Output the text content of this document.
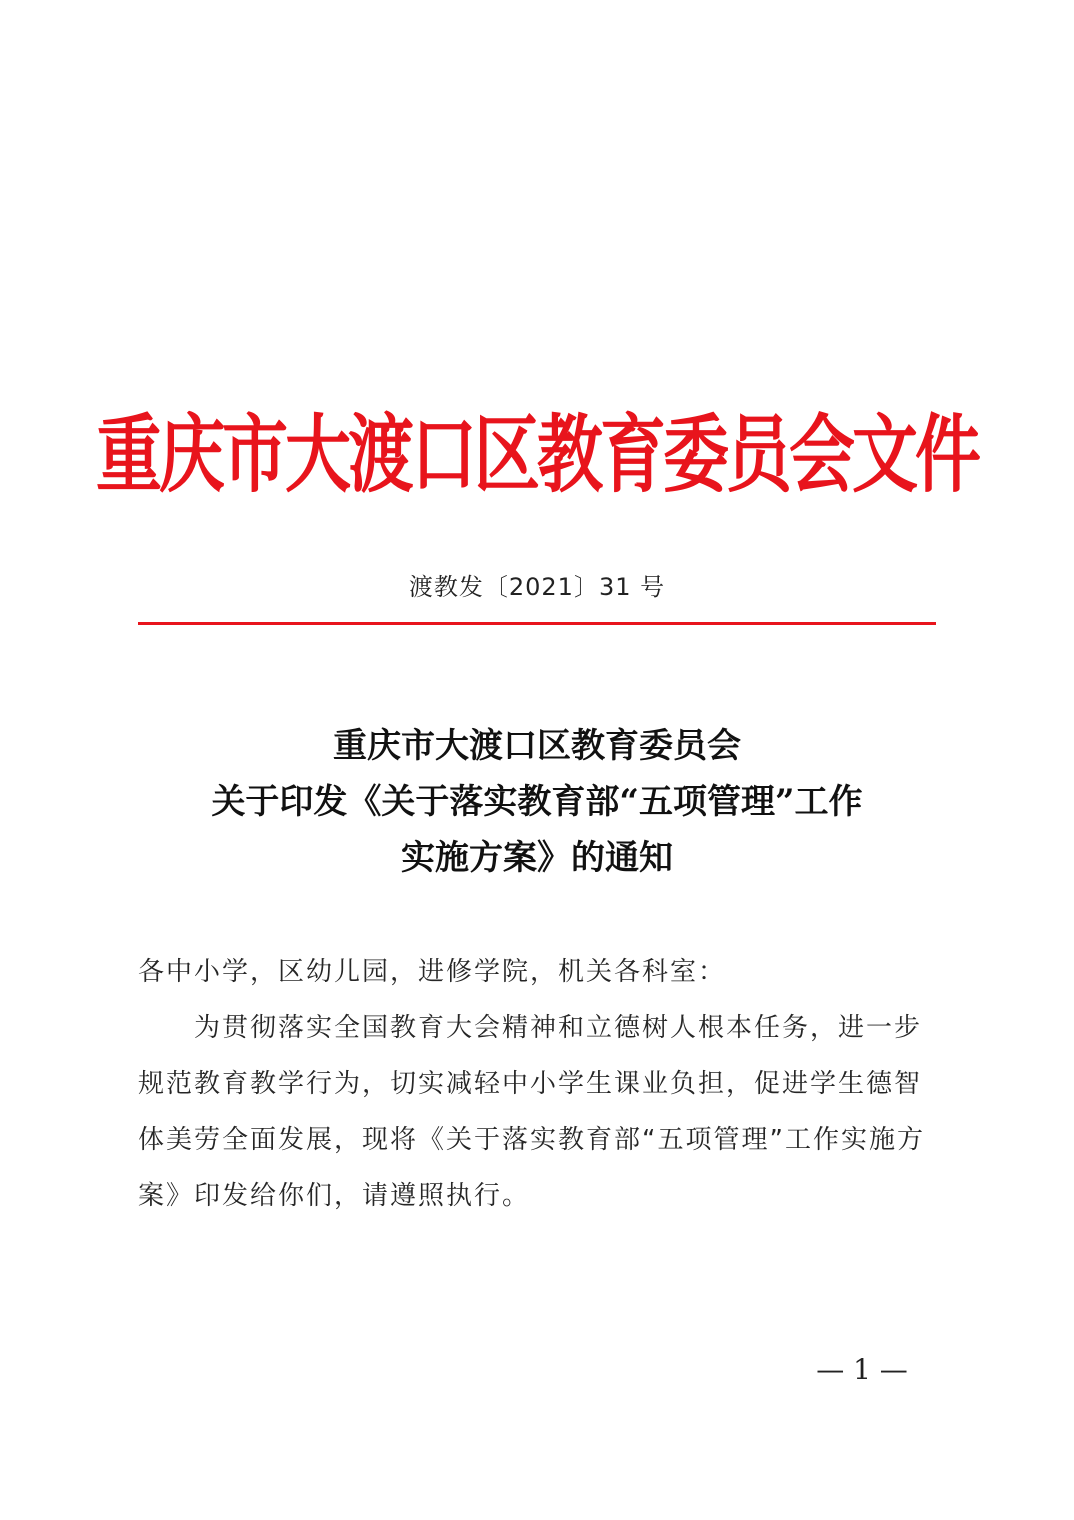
重庆市大渡口区教育委员会文件
渡教发〔2021〕31 号
重庆市大渡口区教育委员会
关于印发《关于落实教育部“五项管理”工作
实施方案》的通知
各中小学，区幼儿园，进修学院，机关各科室：
为贯彻落实全国教育大会精神和立德树人根本任务，进一步
规范教育教学行为，切实减轻中小学生课业负担，促进学生德智
体美劳全面发展，现将《关于落实教育部“五项管理”工作实施方
案》印发给你们，请遵照执行。
— 1 —
